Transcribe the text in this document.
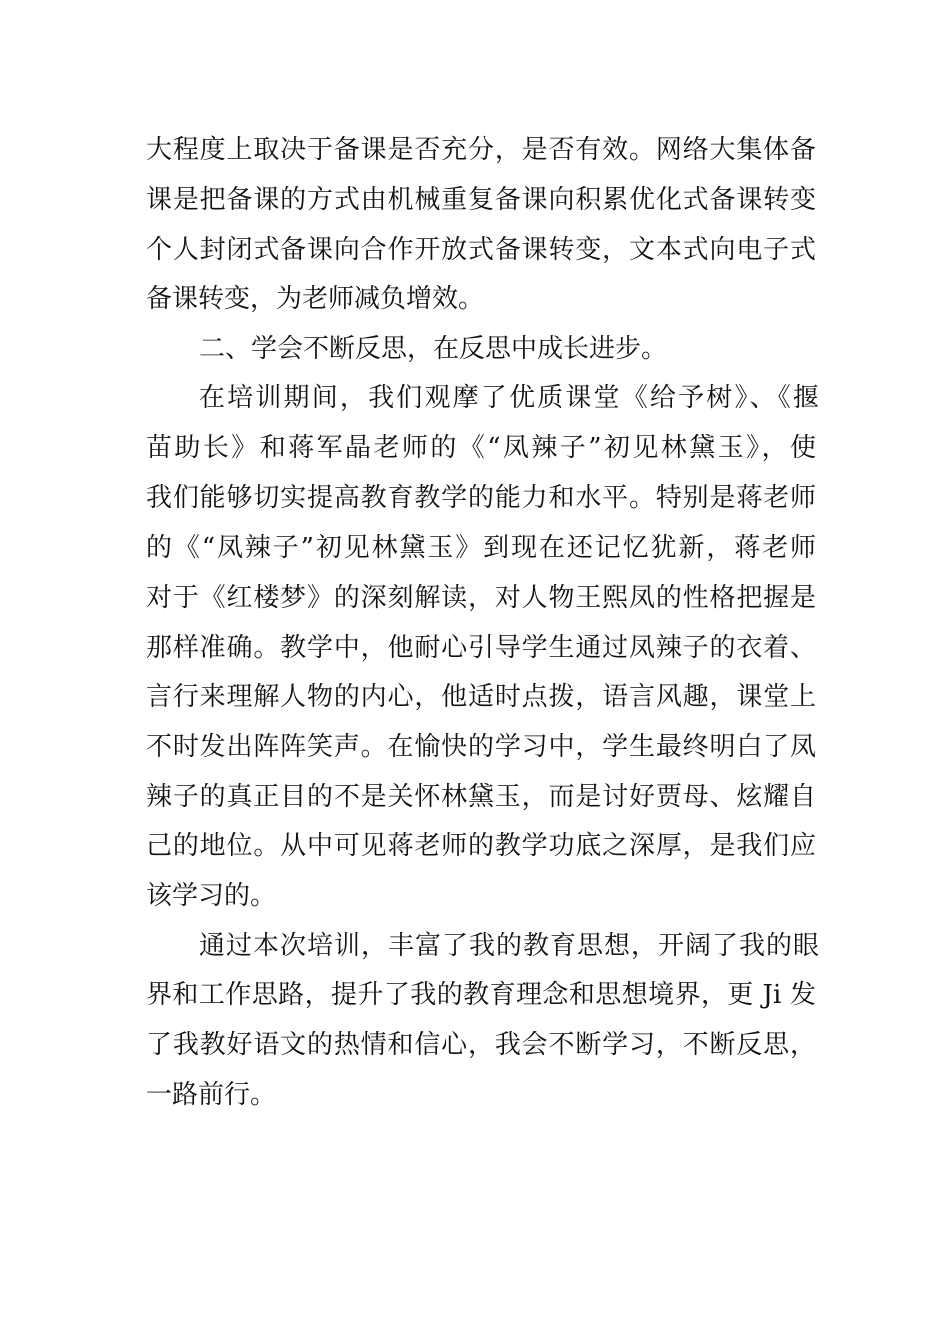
大程度上取决于备课是否充分，是否有效。网络大集体备
课是把备课的方式由机械重复备课向积累优化式备课转变
个人封闭式备课向合作开放式备课转变，文本式向电子式
备课转变，为老师减负增效。
二、学会不断反思，在反思中成长进步。
在培训期间，我们观摩了优质课堂《给予树》、《揠
苗助长》和蒋军晶老师的《“凤辣子”初见林黛玉》，使
我们能够切实提高教育教学的能力和水平。特别是蒋老师
的《“凤辣子”初见林黛玉》到现在还记忆犹新，蒋老师
对于《红楼梦》的深刻解读，对人物王熙凤的性格把握是
那样准确。教学中，他耐心引导学生通过凤辣子的衣着、
言行来理解人物的内心，他适时点拨，语言风趣，课堂上
不时发出阵阵笑声。在愉快的学习中，学生最终明白了凤
辣子的真正目的不是关怀林黛玉，而是讨好贾母、炫耀自
己的地位。从中可见蒋老师的教学功底之深厚，是我们应
该学习的。
通过本次培训，丰富了我的教育思想，开阔了我的眼
界和工作思路，提升了我的教育理念和思想境界，更 Ji 发
了我教好语文的热情和信心，我会不断学习，不断反思，
一路前行。
